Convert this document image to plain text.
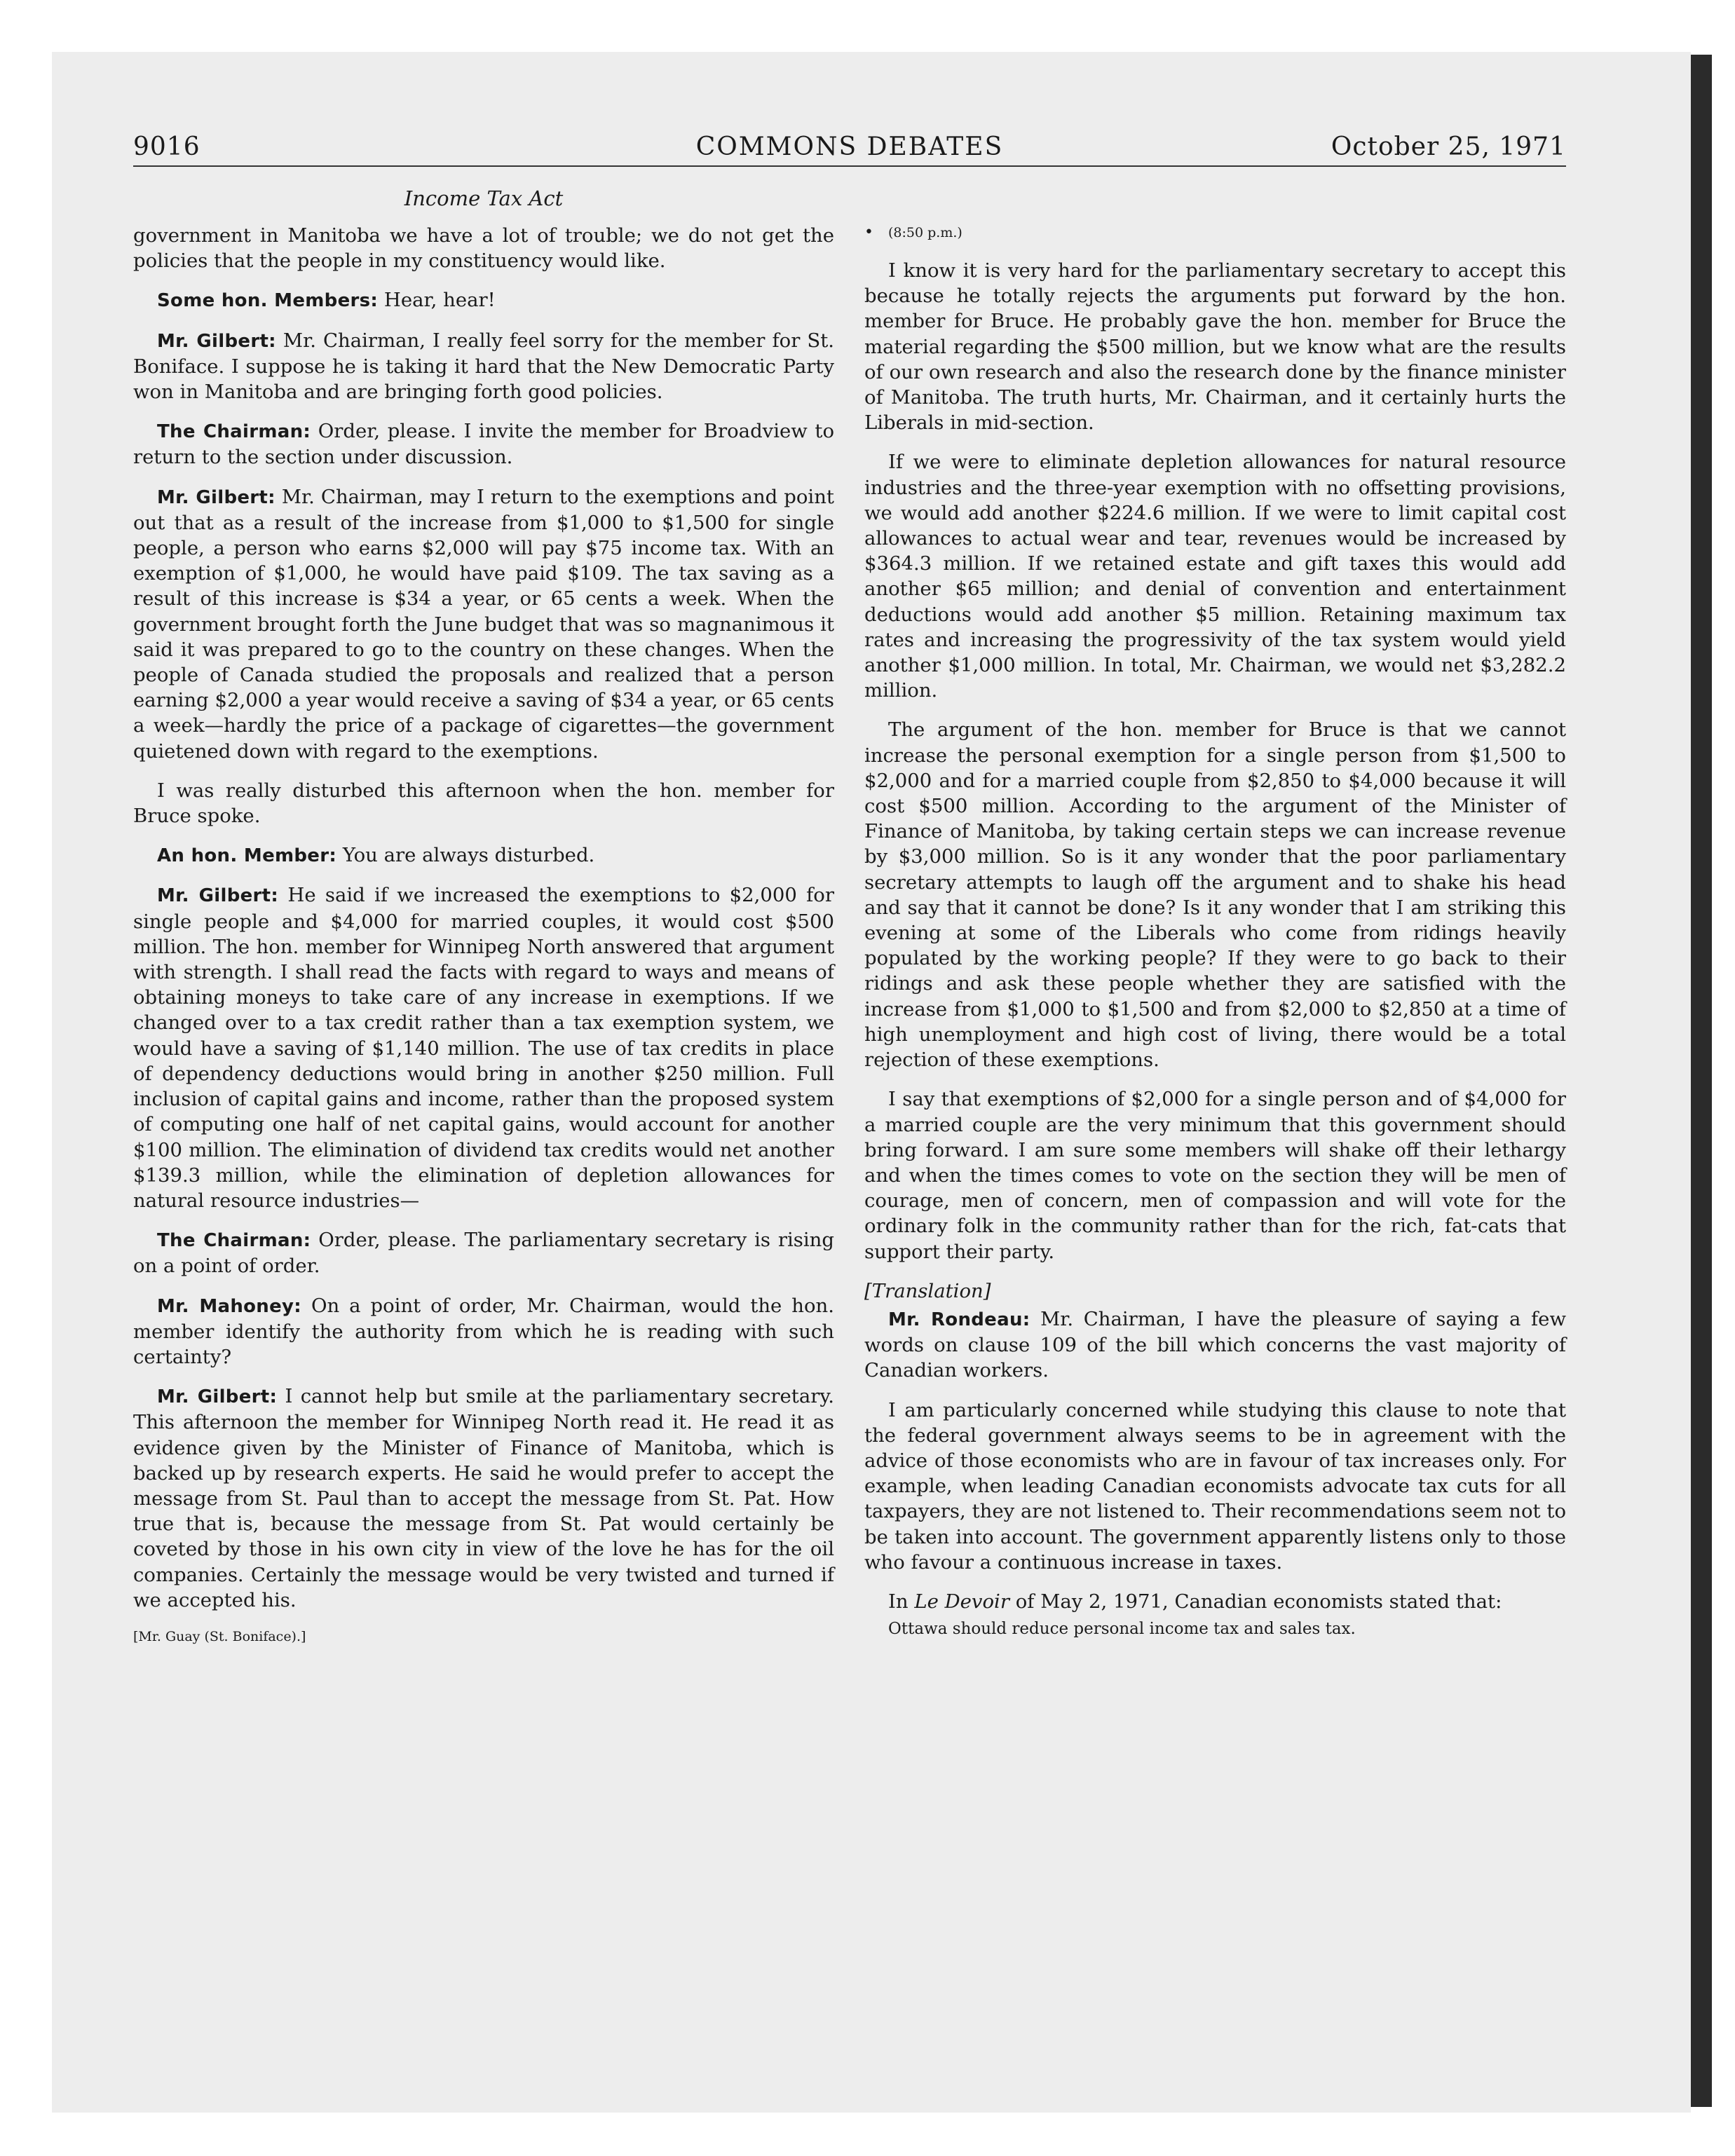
9016	COMMONS DEBATES	October 25, 1971
Income Tax Act

government in Manitoba we have a lot of trouble; we do not get the policies that the people in my constituency would like.

Some hon. Members: Hear, hear!

Mr. Gilbert: Mr. Chairman, I really feel sorry for the member for St. Boniface. I suppose he is taking it hard that the New Democratic Party won in Manitoba and are bringing forth good policies.

The Chairman: Order, please. I invite the member for Broadview to return to the section under discussion.

Mr. Gilbert: Mr. Chairman, may I return to the exemptions and point out that as a result of the increase from $1,000 to $1,500 for single people, a person who earns $2,000 will pay $75 income tax. With an exemption of $1,000, he would have paid $109. The tax saving as a result of this increase is $34 a year, or 65 cents a week. When the government brought forth the June budget that was so magnanimous it said it was prepared to go to the country on these changes. When the people of Canada studied the proposals and realized that a person earning $2,000 a year would receive a saving of $34 a year, or 65 cents a week—hardly the price of a package of cigarettes—the government quietened down with regard to the exemptions.

I was really disturbed this afternoon when the hon. member for Bruce spoke.

An hon. Member: You are always disturbed.

Mr. Gilbert: He said if we increased the exemptions to $2,000 for single people and $4,000 for married couples, it would cost $500 million. The hon. member for Winnipeg North answered that argument with strength. I shall read the facts with regard to ways and means of obtaining moneys to take care of any increase in exemptions. If we changed over to a tax credit rather than a tax exemption system, we would have a saving of $1,140 million. The use of tax credits in place of dependency deductions would bring in another $250 million. Full inclusion of capital gains and income, rather than the proposed system of computing one half of net capital gains, would account for another $100 million. The elimination of dividend tax credits would net another $139.3 million, while the elimination of depletion allowances for natural resource industries—

The Chairman: Order, please. The parliamentary secretary is rising on a point of order.

Mr. Mahoney: On a point of order, Mr. Chairman, would the hon. member identify the authority from which he is reading with such certainty?

Mr. Gilbert: I cannot help but smile at the parliamentary secretary. This afternoon the member for Winnipeg North read it. He read it as evidence given by the Minister of Finance of Manitoba, which is backed up by research experts. He said he would prefer to accept the message from St. Paul than to accept the message from St. Pat. How true that is, because the message from St. Pat would certainly be coveted by those in his own city in view of the love he has for the oil companies. Certainly the message would be very twisted and turned if we accepted his.

[Mr. Guay (St. Boniface).]

• (8:50 p.m.)

I know it is very hard for the parliamentary secretary to accept this because he totally rejects the arguments put forward by the hon. member for Bruce. He probably gave the hon. member for Bruce the material regarding the $500 million, but we know what are the results of our own research and also the research done by the finance minister of Manitoba. The truth hurts, Mr. Chairman, and it certainly hurts the Liberals in mid-section.

If we were to eliminate depletion allowances for natural resource industries and the three-year exemption with no offsetting provisions, we would add another $224.6 million. If we were to limit capital cost allowances to actual wear and tear, revenues would be increased by $364.3 million. If we retained estate and gift taxes this would add another $65 million; and denial of convention and entertainment deductions would add another $5 million. Retaining maximum tax rates and increasing the progressivity of the tax system would yield another $1,000 million. In total, Mr. Chairman, we would net $3,282.2 million.

The argument of the hon. member for Bruce is that we cannot increase the personal exemption for a single person from $1,500 to $2,000 and for a married couple from $2,850 to $4,000 because it will cost $500 million. According to the argument of the Minister of Finance of Manitoba, by taking certain steps we can increase revenue by $3,000 million. So is it any wonder that the poor parliamentary secretary attempts to laugh off the argument and to shake his head and say that it cannot be done? Is it any wonder that I am striking this evening at some of the Liberals who come from ridings heavily populated by the working people? If they were to go back to their ridings and ask these people whether they are satisfied with the increase from $1,000 to $1,500 and from $2,000 to $2,850 at a time of high unemployment and high cost of living, there would be a total rejection of these exemptions.

I say that exemptions of $2,000 for a single person and of $4,000 for a married couple are the very minimum that this government should bring forward. I am sure some members will shake off their lethargy and when the times comes to vote on the section they will be men of courage, men of concern, men of compassion and will vote for the ordinary folk in the community rather than for the rich, fat-cats that support their party.

[Translation]

Mr. Rondeau: Mr. Chairman, I have the pleasure of saying a few words on clause 109 of the bill which concerns the vast majority of Canadian workers.

I am particularly concerned while studying this clause to note that the federal government always seems to be in agreement with the advice of those economists who are in favour of tax increases only. For example, when leading Canadian economists advocate tax cuts for all taxpayers, they are not listened to. Their recommendations seem not to be taken into account. The government apparently listens only to those who favour a continuous increase in taxes.

In Le Devoir of May 2, 1971, Canadian economists stated that:

Ottawa should reduce personal income tax and sales tax.
